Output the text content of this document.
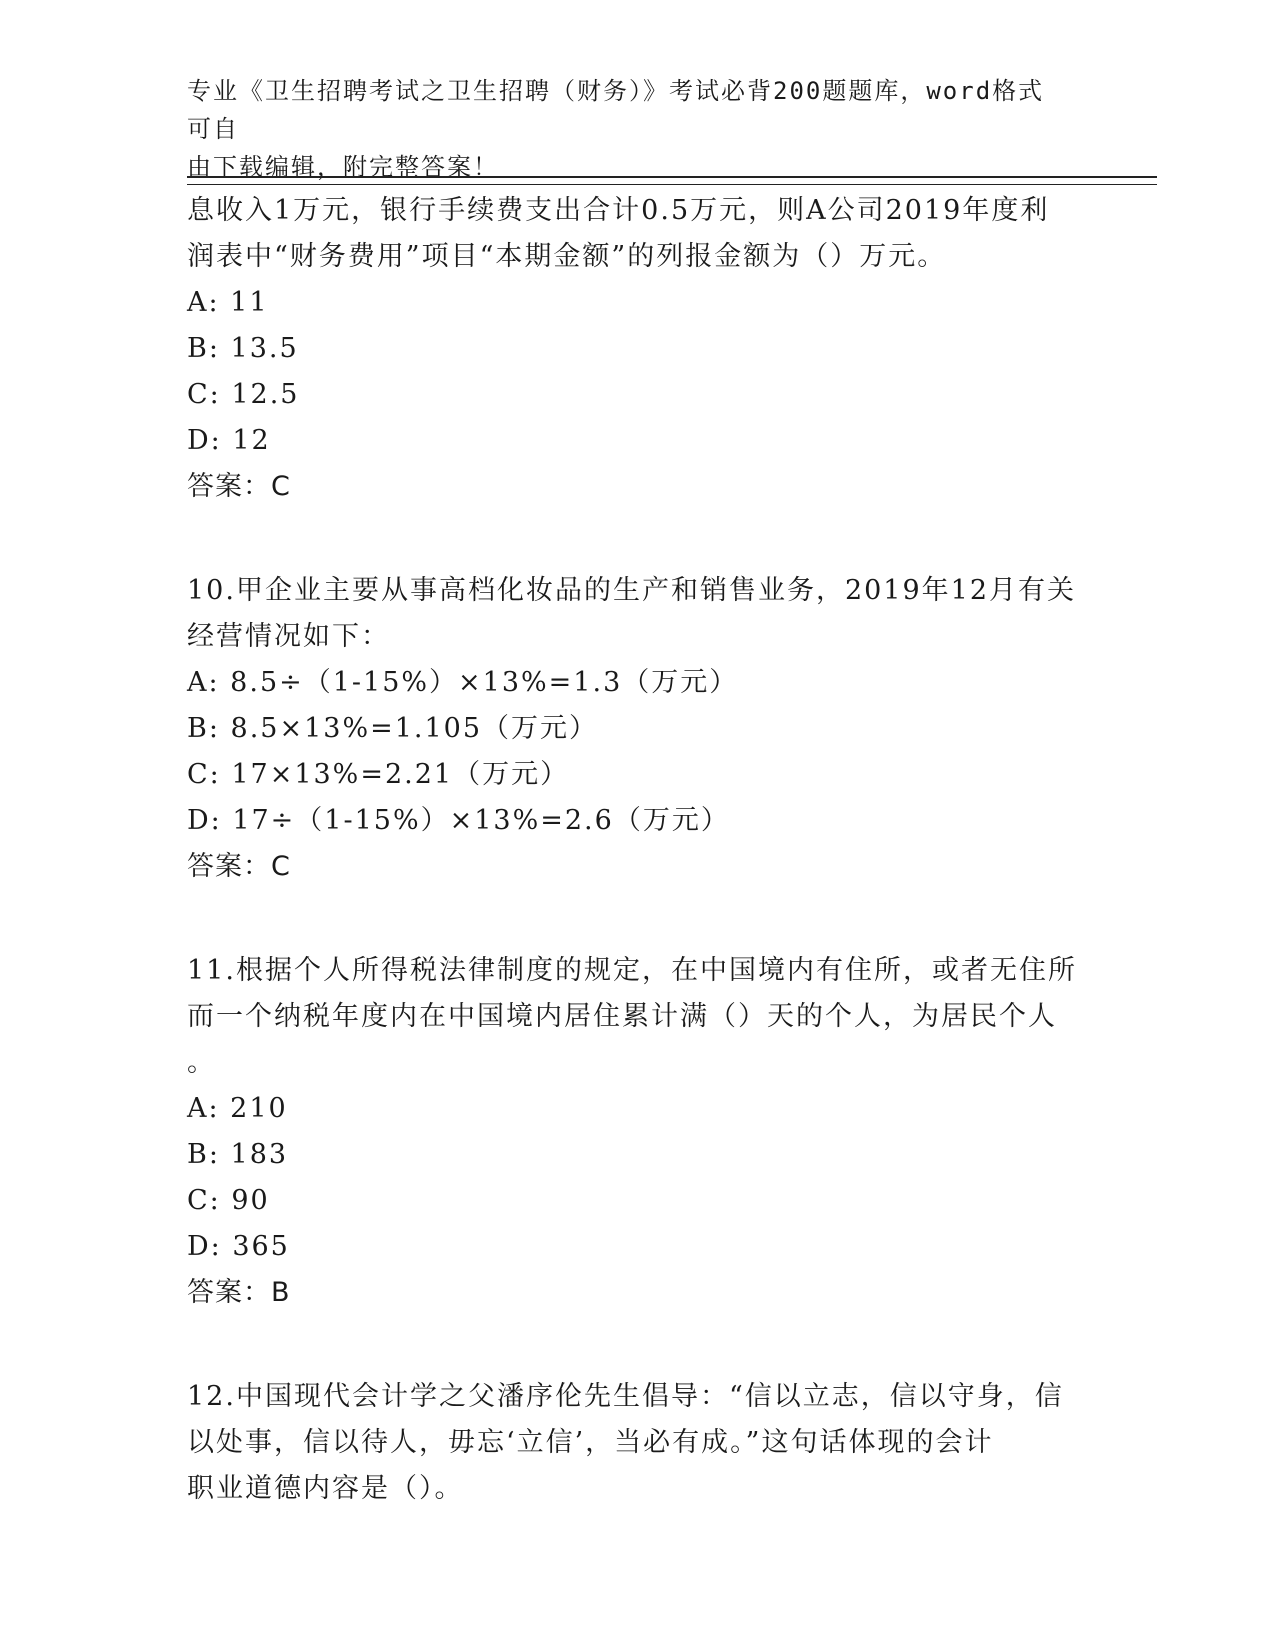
专业《卫生招聘考试之卫生招聘（财务）》考试必背200题题库，word格式可自
由下载编辑，附完整答案！
息收入1万元，银行手续费支出合计0.5万元，则A公司2019年度利
润表中“财务费用”项目“本期金额”的列报金额为（）万元。
A: 11
B: 13.5
C: 12.5
D: 12
答案：C
10.甲企业主要从事高档化妆品的生产和销售业务，2019年12月有关
经营情况如下：
A: 8.5÷（1-15%）×13%=1.3（万元）
B: 8.5×13%=1.105（万元）
C: 17×13%=2.21（万元）
D: 17÷（1-15%）×13%=2.6（万元）
答案：C
11.根据个人所得税法律制度的规定，在中国境内有住所，或者无住所
而一个纳税年度内在中国境内居住累计满（）天的个人，为居民个人
。
A: 210
B: 183
C: 90
D: 365
答案：B
12.中国现代会计学之父潘序伦先生倡导：“信以立志，信以守身，信
以处事，信以待人，毋忘‘立信’，当必有成。”这句话体现的会计
职业道德内容是（）。
